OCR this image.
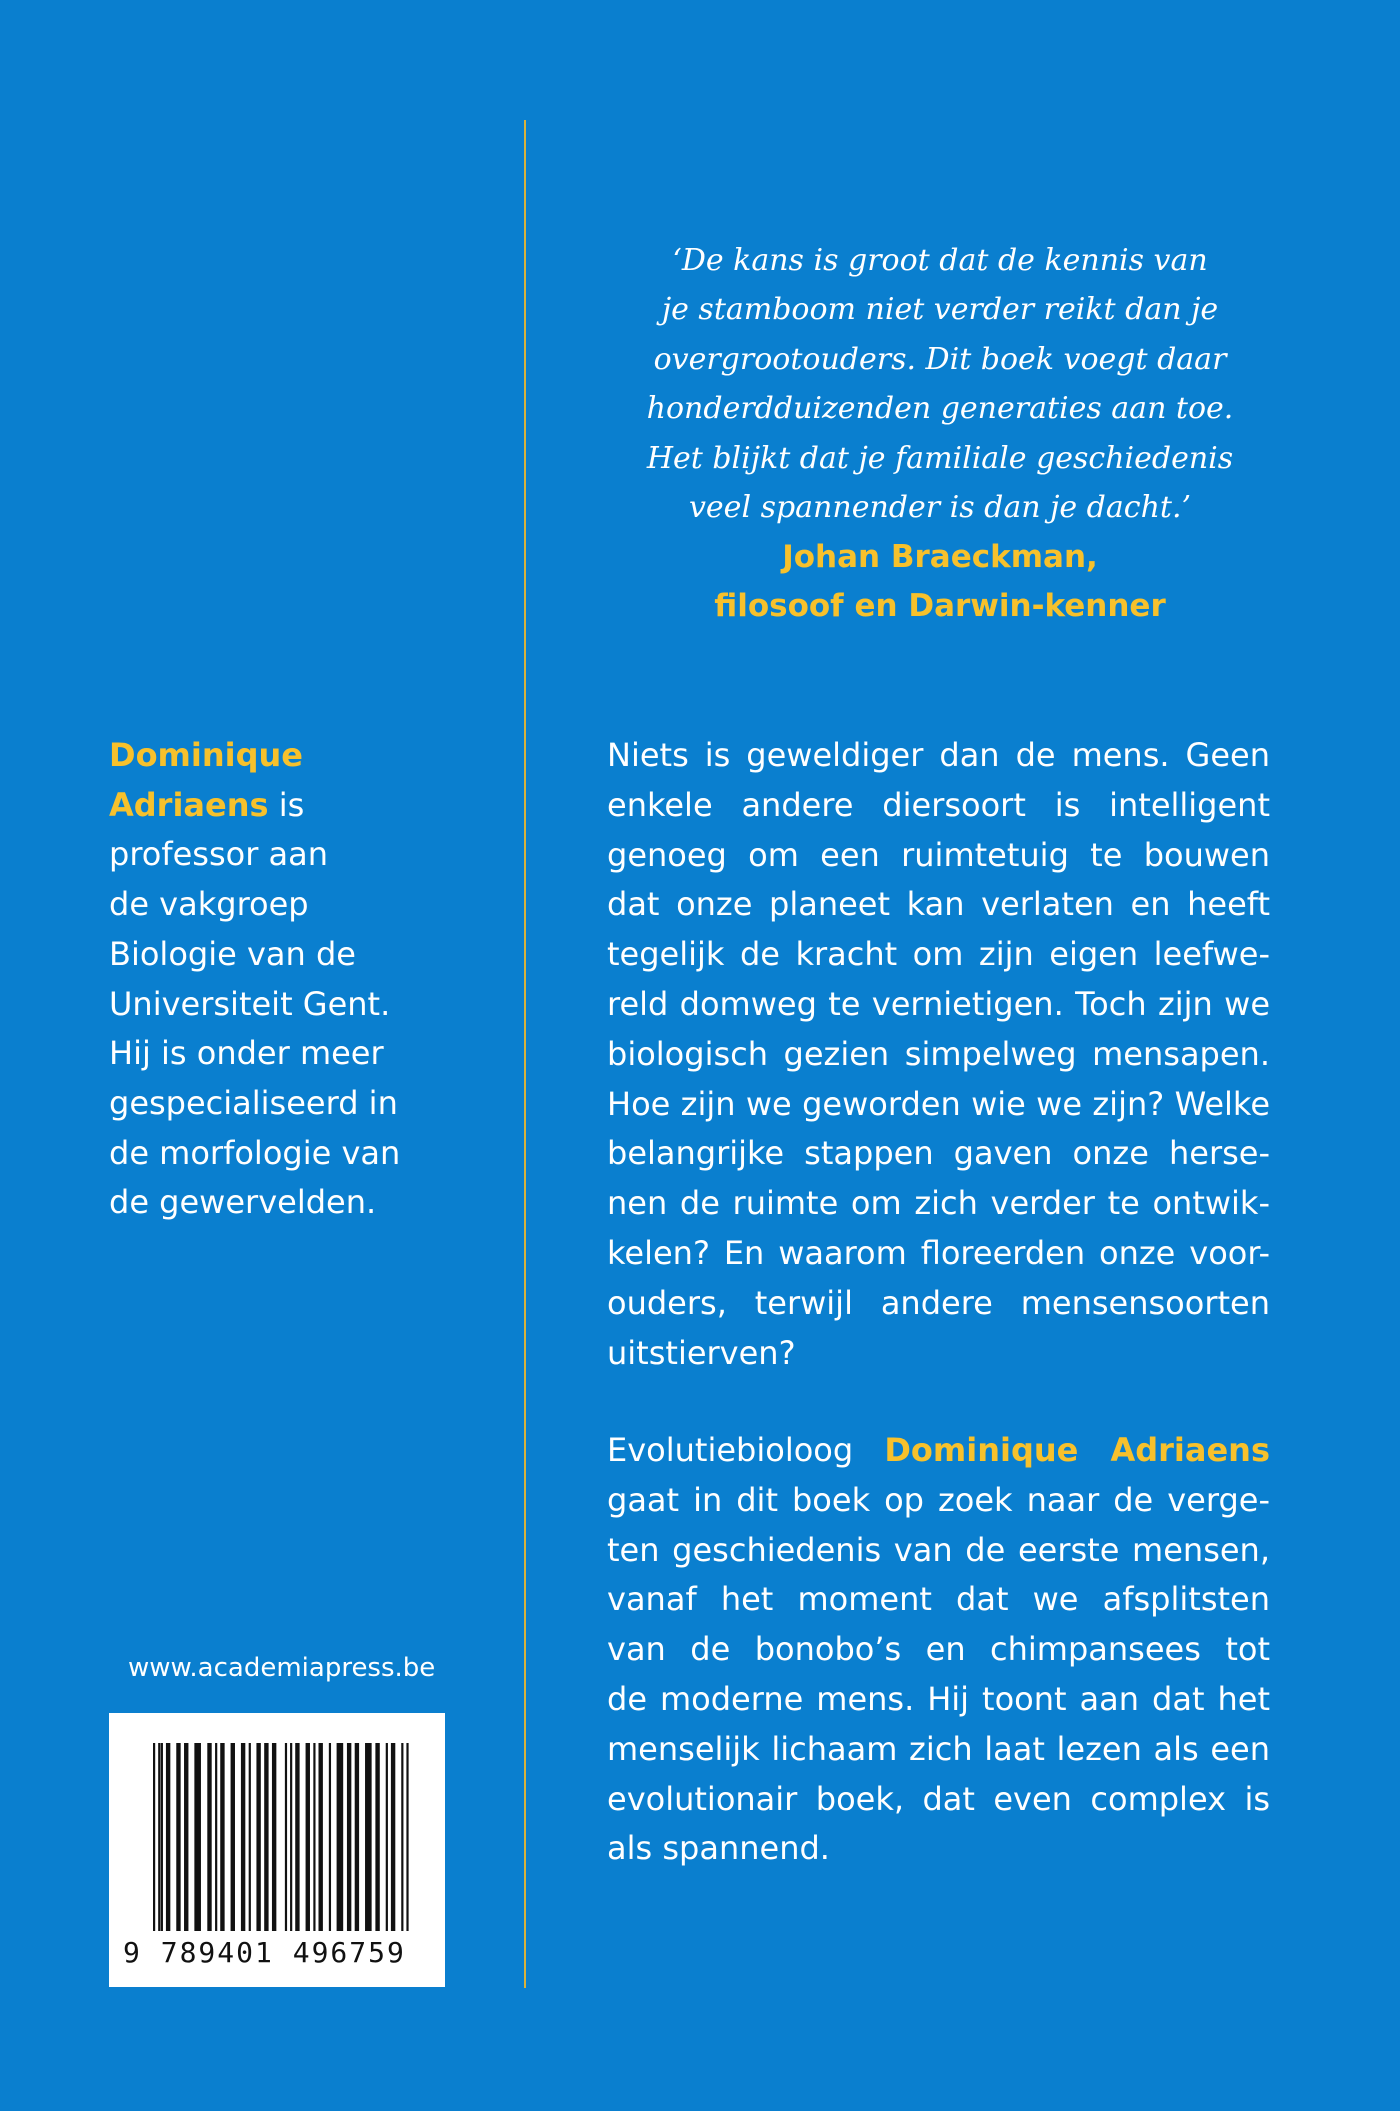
‘De kans is groot dat de kennis van
je stamboom niet verder reikt dan je
overgrootouders. Dit boek voegt daar
honderdduizenden generaties aan toe.
Het blijkt dat je familiale geschiedenis
veel spannender is dan je dacht.’

Johan Braeckman,
filosoof en Darwin-kenner

Dominique
Adriaens is
professor aan
de vakgroep
Biologie van de
Universiteit Gent.
Hij is onder meer
gespecialiseerd in
de morfologie van
de gewervelden.

Niets is geweldiger dan de mens. Geen
enkele andere diersoort is intelligent
genoeg om een ruimtetuig te bouwen
dat onze planeet kan verlaten en heeft
tegelijk de kracht om zijn eigen leefwe-
reld domweg te vernietigen. Toch zijn we
biologisch gezien simpelweg mensapen.
Hoe zijn we geworden wie we zijn? Welke
belangrijke stappen gaven onze herse-
nen de ruimte om zich verder te ontwik-
kelen? En waarom floreerden onze voor-
ouders, terwijl andere mensensoorten
uitstierven?

Evolutiebioloog Dominique Adriaens
gaat in dit boek op zoek naar de verge-
ten geschiedenis van de eerste mensen,
vanaf het moment dat we afsplitsten
van de bonobo’s en chimpansees tot
de moderne mens. Hij toont aan dat het
menselijk lichaam zich laat lezen als een
evolutionair boek, dat even complex is
als spannend.

www.academiapress.be

9 789401 496759
